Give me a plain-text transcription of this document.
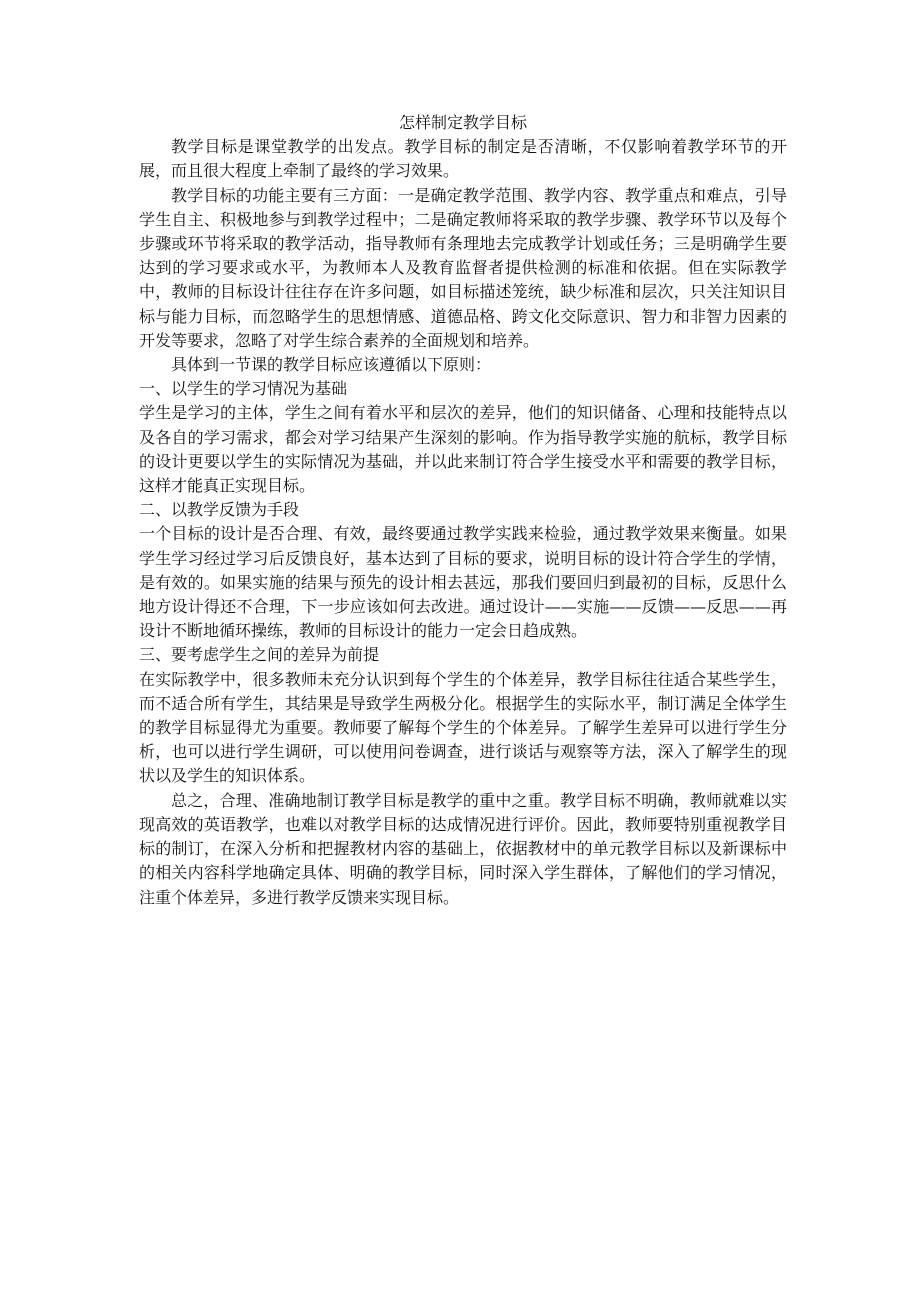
怎样制定教学目标

教学目标是课堂教学的出发点。教学目标的制定是否清晰，不仅影响着教学环节的开展，而且很大程度上牵制了最终的学习效果。

教学目标的功能主要有三方面：一是确定教学范围、教学内容、教学重点和难点，引导学生自主、积极地参与到教学过程中；二是确定教师将采取的教学步骤、教学环节以及每个步骤或环节将采取的教学活动，指导教师有条理地去完成教学计划或任务；三是明确学生要达到的学习要求或水平，为教师本人及教育监督者提供检测的标准和依据。但在实际教学中，教师的目标设计往往存在许多问题，如目标描述笼统，缺少标准和层次，只关注知识目标与能力目标，而忽略学生的思想情感、道德品格、跨文化交际意识、智力和非智力因素的开发等要求，忽略了对学生综合素养的全面规划和培养。

具体到一节课的教学目标应该遵循以下原则：

一、以学生的学习情况为基础

学生是学习的主体，学生之间有着水平和层次的差异，他们的知识储备、心理和技能特点以及各自的学习需求，都会对学习结果产生深刻的影响。作为指导教学实施的航标，教学目标的设计更要以学生的实际情况为基础，并以此来制订符合学生接受水平和需要的教学目标，这样才能真正实现目标。

二、以教学反馈为手段

一个目标的设计是否合理、有效，最终要通过教学实践来检验，通过教学效果来衡量。如果学生学习经过学习后反馈良好，基本达到了目标的要求，说明目标的设计符合学生的学情，是有效的。如果实施的结果与预先的设计相去甚远，那我们要回归到最初的目标，反思什么地方设计得还不合理，下一步应该如何去改进。通过设计——实施——反馈——反思——再设计不断地循环操练，教师的目标设计的能力一定会日趋成熟。

三、要考虑学生之间的差异为前提

在实际教学中，很多教师未充分认识到每个学生的个体差异，教学目标往往适合某些学生，而不适合所有学生，其结果是导致学生两极分化。根据学生的实际水平，制订满足全体学生的教学目标显得尤为重要。教师要了解每个学生的个体差异。了解学生差异可以进行学生分析，也可以进行学生调研，可以使用问卷调查，进行谈话与观察等方法，深入了解学生的现状以及学生的知识体系。

总之，合理、准确地制订教学目标是教学的重中之重。教学目标不明确，教师就难以实现高效的英语教学，也难以对教学目标的达成情况进行评价。因此，教师要特别重视教学目标的制订，在深入分析和把握教材内容的基础上，依据教材中的单元教学目标以及新课标中的相关内容科学地确定具体、明确的教学目标，同时深入学生群体，了解他们的学习情况，注重个体差异，多进行教学反馈来实现目标。
